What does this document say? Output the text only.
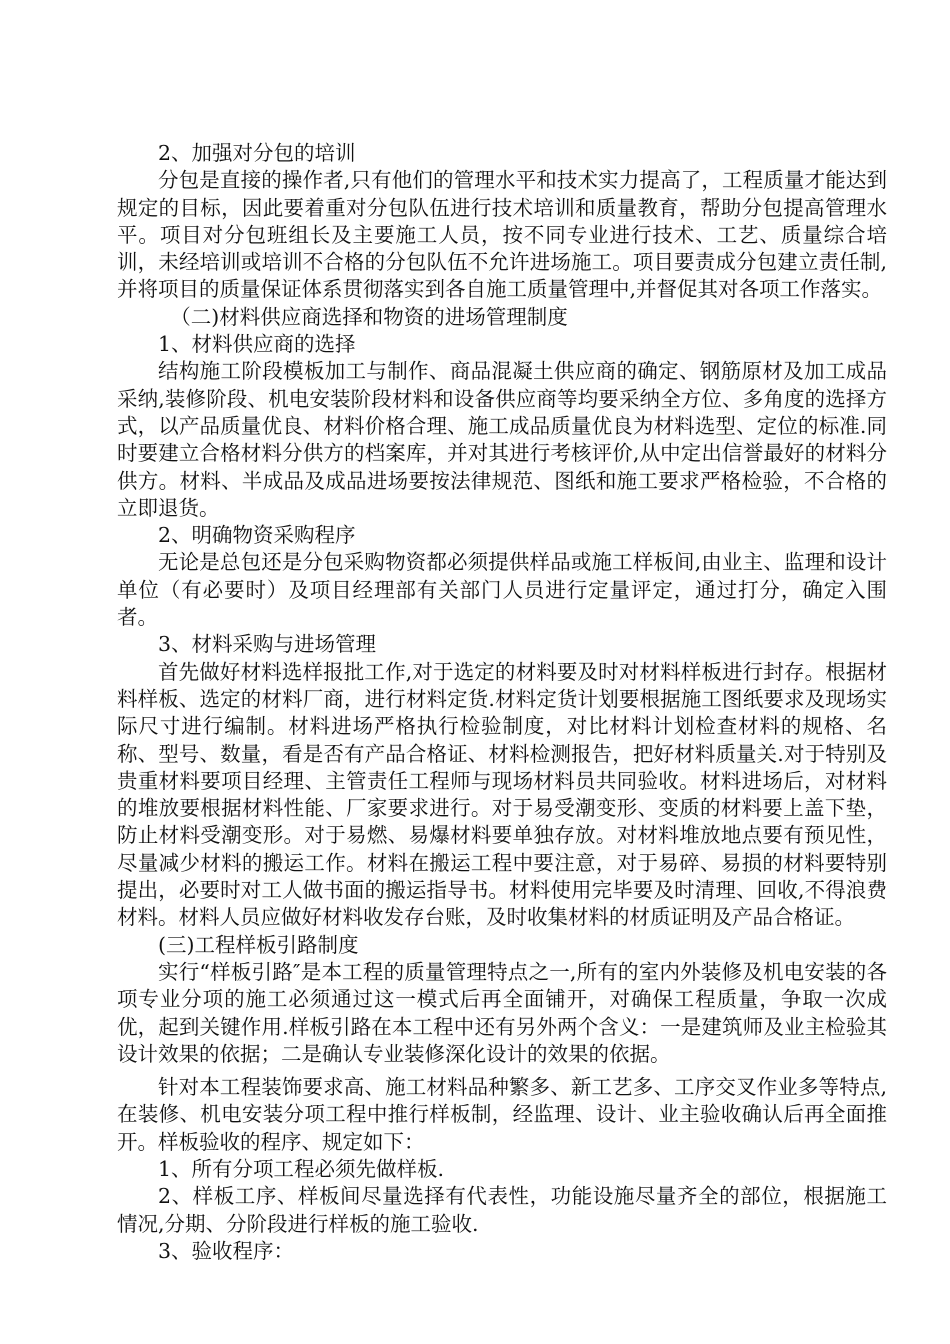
2、加强对分包的培训

分包是直接的操作者,只有他们的管理水平和技术实力提高了，工程质量才能达到规定的目标，因此要着重对分包队伍进行技术培训和质量教育，帮助分包提高管理水平。项目对分包班组长及主要施工人员，按不同专业进行技术、工艺、质量综合培训，未经培训或培训不合格的分包队伍不允许进场施工。项目要责成分包建立责任制,并将项目的质量保证体系贯彻落实到各自施工质量管理中,并督促其对各项工作落实。

（二)材料供应商选择和物资的进场管理制度

1、材料供应商的选择

结构施工阶段模板加工与制作、商品混凝土供应商的确定、钢筋原材及加工成品采纳,装修阶段、机电安装阶段材料和设备供应商等均要采纳全方位、多角度的选择方式，以产品质量优良、材料价格合理、施工成品质量优良为材料选型、定位的标准.同时要建立合格材料分供方的档案库，并对其进行考核评价,从中定出信誉最好的材料分供方。材料、半成品及成品进场要按法律规范、图纸和施工要求严格检验，不合格的立即退货。

2、明确物资采购程序

无论是总包还是分包采购物资都必须提供样品或施工样板间,由业主、监理和设计单位（有必要时）及项目经理部有关部门人员进行定量评定，通过打分，确定入围者。

3、材料采购与进场管理

首先做好材料选样报批工作,对于选定的材料要及时对材料样板进行封存。根据材料样板、选定的材料厂商，进行材料定货.材料定货计划要根据施工图纸要求及现场实际尺寸进行编制。材料进场严格执行检验制度，对比材料计划检查材料的规格、名称、型号、数量，看是否有产品合格证、材料检测报告，把好材料质量关.对于特别及贵重材料要项目经理、主管责任工程师与现场材料员共同验收。材料进场后，对材料的堆放要根据材料性能、厂家要求进行。对于易受潮变形、变质的材料要上盖下垫，防止材料受潮变形。对于易燃、易爆材料要单独存放。对材料堆放地点要有预见性，尽量减少材料的搬运工作。材料在搬运工程中要注意，对于易碎、易损的材料要特别提出，必要时对工人做书面的搬运指导书。材料使用完毕要及时清理、回收,不得浪费材料。材料人员应做好材料收发存台账，及时收集材料的材质证明及产品合格证。

(三)工程样板引路制度

实行“样板引路″是本工程的质量管理特点之一,所有的室内外装修及机电安装的各项专业分项的施工必须通过这一模式后再全面铺开，对确保工程质量，争取一次成优，起到关键作用.样板引路在本工程中还有另外两个含义：一是建筑师及业主检验其设计效果的依据；二是确认专业装修深化设计的效果的依据。

针对本工程装饰要求高、施工材料品种繁多、新工艺多、工序交叉作业多等特点,在装修、机电安装分项工程中推行样板制，经监理、设计、业主验收确认后再全面推开。样板验收的程序、规定如下：

1、所有分项工程必须先做样板.

2、样板工序、样板间尽量选择有代表性，功能设施尽量齐全的部位，根据施工情况,分期、分阶段进行样板的施工验收.

3、验收程序：
